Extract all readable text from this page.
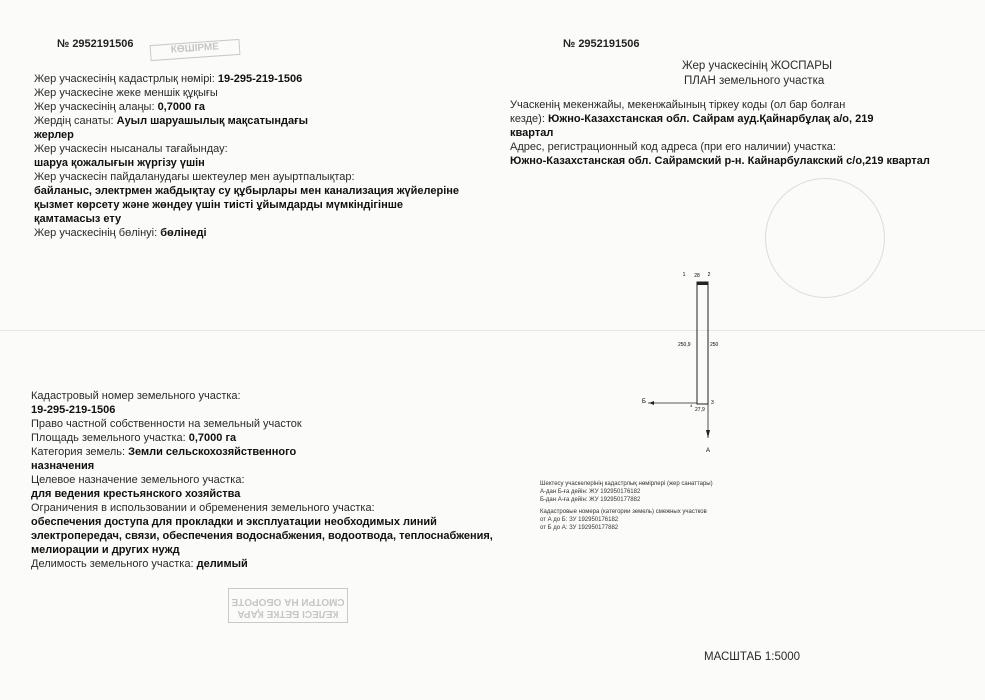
КӨШІРМЕ
КЕЛЕСІ БЕТКЕ ҚАРА
СМОТРИ НА ОБОРОТЕ
№ 2952191506
Жер учаскесінің кадастрлық нөмірі: 19-295-219-1506
Жер учаскесіне жеке меншік құқығы
Жер учаскесінің алаңы: 0,7000 га
Жердің санаты: Ауыл шаруашылық мақсатындағы
жерлер
Жер учаскесін нысаналы тағайындау:
шаруа қожалығын жүргізу үшін
Жер учаскесін пайдаланудағы шектеулер мен ауыртпалықтар:
байланыс, электрмен жабдықтау су құбырлары мен канализация жүйелеріне
қызмет көрсету және жөндеу үшін тиісті ұйымдарды мүмкіндігінше
қамтамасыз ету
Жер учаскесінің бөлінуі: бөлінеді
Кадастровый номер земельного участка:
19-295-219-1506
Право частной собственности на земельный участок
Площадь земельного участка: 0,7000 га
Категория земель: Земли сельскохозяйственного
назначения
Целевое назначение земельного участка:
для ведения крестьянского хозяйства
Ограничения в использовании и обременения земельного участка:
обеспечения доступа для прокладки и эксплуатации необходимых линий
электропередач, связи, обеспечения водоснабжения, водоотвода, теплоснабжения,
мелиорации и других нужд
Делимость земельного участка: делимый
№ 2952191506
Жер учаскесінің ЖОСПАРЫ
ПЛАН земельного участка
Учаскенің мекенжайы, мекенжайының тіркеу коды (ол бар болған
кезде): Южно-Казахстанская обл. Сайрам ауд.Қайнарбұлақ а/о, 219
квартал
Адрес, регистрационный код адреса (при его наличии) участка:
Южно-Казахстанская обл. Сайрамский р-н. Кайнарбулакский с/о,219 квартал
1	2
28
250,9	250
Б
4	3
27,9
А
Шектесу учаскелерінің кадастрлық нөмірлері (жер санаттары)
А-дан Б-ға дейін: ЖУ 192950176182
Б-дан А-ға дейін: ЖУ 192950177882
Кадастровые номера (категории земель) смежных участков
от А до Б: ЗУ 192950176182
от Б до А: ЗУ 192950177882
МАСШТАБ 1:5000
